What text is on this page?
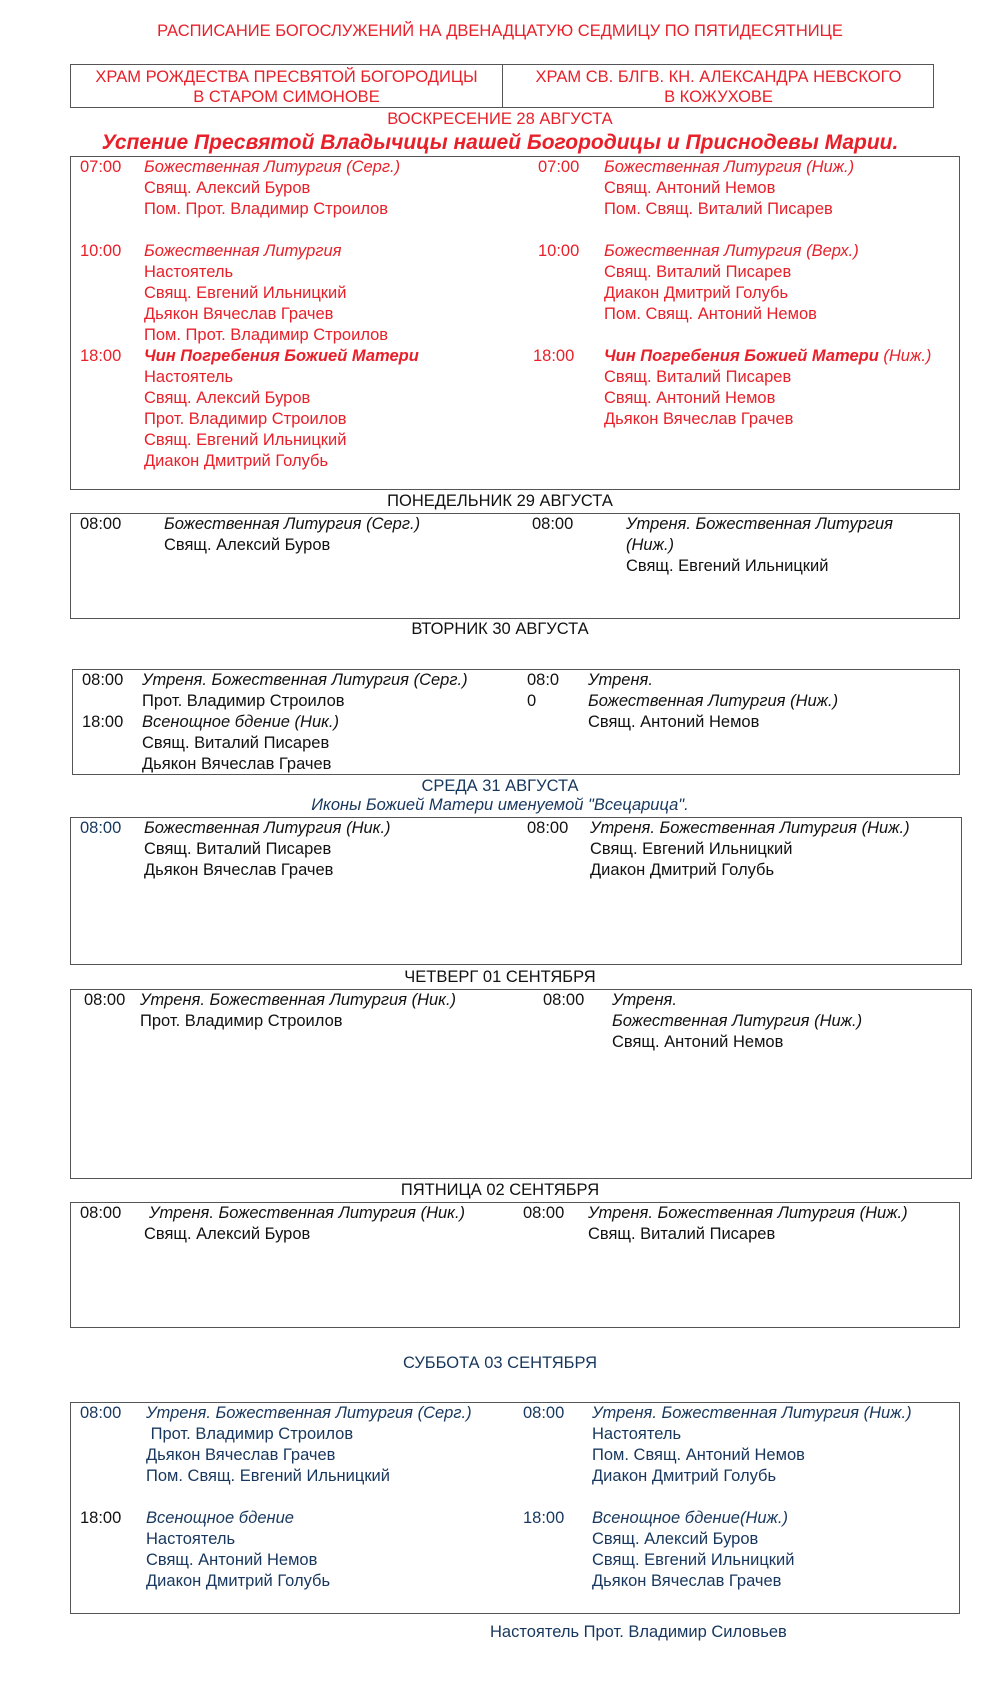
РАСПИСАНИЕ БОГОСЛУЖЕНИЙ НА ДВЕНАДЦАТУЮ СЕДМИЦУ ПО ПЯТИДЕСЯТНИЦЕ
ХРАМ РОЖДЕСТВА ПРЕСВЯТОЙ БОГОРОДИЦЫ
В СТАРОМ СИМОНОВЕ
ХРАМ СВ. БЛГВ. КН. АЛЕКСАНДРА НЕВСКОГО
В КОЖУХОВЕ
ВОСКРЕСЕНИЕ 28 АВГУСТА
Успение Пресвятой Владычицы нашей Богородицы и Приснодевы Марии.
07:00 Божественная Литургия (Серг.)
Свящ. Алексий Буров
Пом. Прот. Владимир Строилов
10:00 Божественная Литургия
Настоятель
Свящ. Евгений Ильницкий
Дьякон Вячеслав Грачев
Пом. Прот. Владимир Строилов
18:00 Чин Погребения Божией Матери
Настоятель
Свящ. Алексий Буров
Прот. Владимир Строилов
Свящ. Евгений Ильницкий
Диакон Дмитрий Голубь
07:00 Божественная Литургия (Ниж.)
Свящ. Антоний Немов
Пом. Свящ. Виталий Писарев
10:00 Божественная Литургия (Верх.)
Свящ. Виталий Писарев
Диакон Дмитрий Голубь
Пом. Свящ. Антоний Немов
18:00 Чин Погребения Божией Матери (Ниж.)
Свящ. Виталий Писарев
Свящ. Антоний Немов
Дьякон Вячеслав Грачев
ПОНЕДЕЛЬНИК 29 АВГУСТА
08:00	Божественная Литургия (Серг.)
Свящ. Алексий Буров
08:00	Утреня. Божественная Литургия
(Ниж.)
Свящ. Евгений Ильницкий
ВТОРНИК 30 АВГУСТА
08:00 Утреня. Божественная Литургия (Серг.)
Прот. Владимир Строилов
18:00 Всенощное бдение (Ник.)
Свящ. Виталий Писарев
Дьякон Вячеслав Грачев
08:0
0
Утреня.
Божественная Литургия (Ниж.)
Свящ. Антоний Немов
СРЕДА 31 АВГУСТА
Иконы Божией Матери именуемой "Всецарица".
08:00 Божественная Литургия (Ник.)
Свящ. Виталий Писарев
Дьякон Вячеслав Грачев
08:00 Утреня. Божественная Литургия (Ниж.)
Свящ. Евгений Ильницкий
Диакон Дмитрий Голубь
ЧЕТВЕРГ 01 СЕНТЯБРЯ
08:00 Утреня. Божественная Литургия (Ник.)
Прот. Владимир Строилов
08:00 Утреня.
Божественная Литургия (Ниж.)
Свящ. Антоний Немов
ПЯТНИЦА 02 СЕНТЯБРЯ
08:00 Утреня. Божественная Литургия (Ник.)
Свящ. Алексий Буров
08:00 Утреня. Божественная Литургия (Ниж.)
Свящ. Виталий Писарев
СУББОТА 03 СЕНТЯБРЯ
08:00 Утреня. Божественная Литургия (Серг.)
Прот. Владимир Строилов
Дьякон Вячеслав Грачев
Пом. Свящ. Евгений Ильницкий
18:00 Всенощное бдение
Настоятель
Свящ. Антоний Немов
Диакон Дмитрий Голубь
08:00 Утреня. Божественная Литургия (Ниж.)
Настоятель
Пом. Свящ. Антоний Немов
Диакон Дмитрий Голубь
18:00 Всенощное бдение(Ниж.)
Свящ. Алексий Буров
Свящ. Евгений Ильницкий
Дьякон Вячеслав Грачев
Настоятель Прот. Владимир Силовьев
